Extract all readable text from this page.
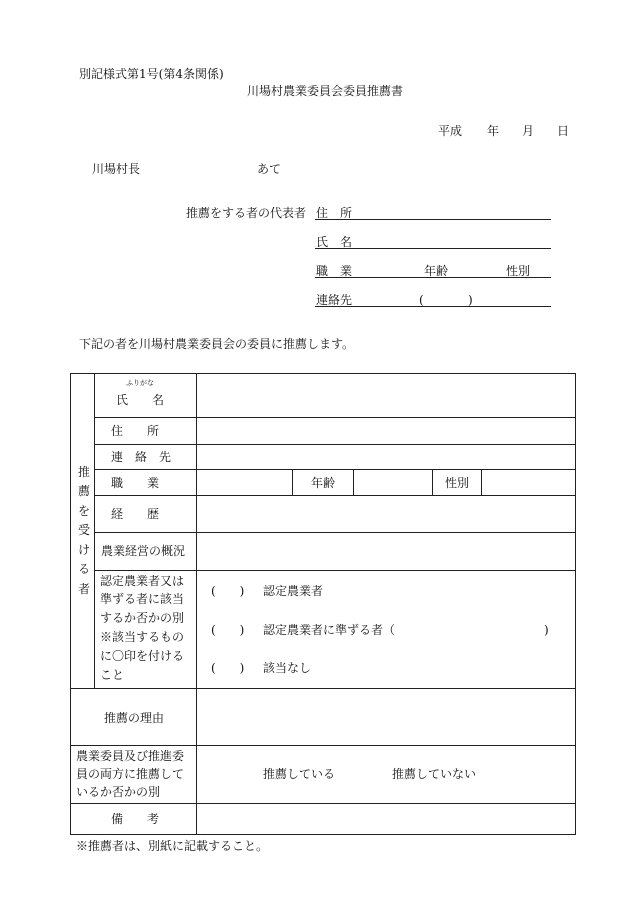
別記様式第1号(第4条関係)
川場村農業委員会委員推薦書
平成 年 月 日
川場村長	あて
推薦をする者の代表者 住　所
氏　名
職　業	年齢	性別
連絡先	(	)
下記の者を川場村農業委員会の委員に推薦します。
推
薦
を
受
け
る
者
ふりがな
氏　　名
住　　所
連　絡　先
職　　業	年齢	性別
経　　歴
農業経営の概況
認定農業者又は
準ずる者に該当
するか否かの別
※該当するもの
に〇印を付ける
こと
(　　) 認定農業者
(　　) 認定農業者に準ずる者（	)
(　　) 該当なし
推薦の理由
農業委員及び推進委
員の両方に推薦して
いるか否かの別
推薦している	推薦していない
備　　考
※推薦者は、別紙に記載すること。
